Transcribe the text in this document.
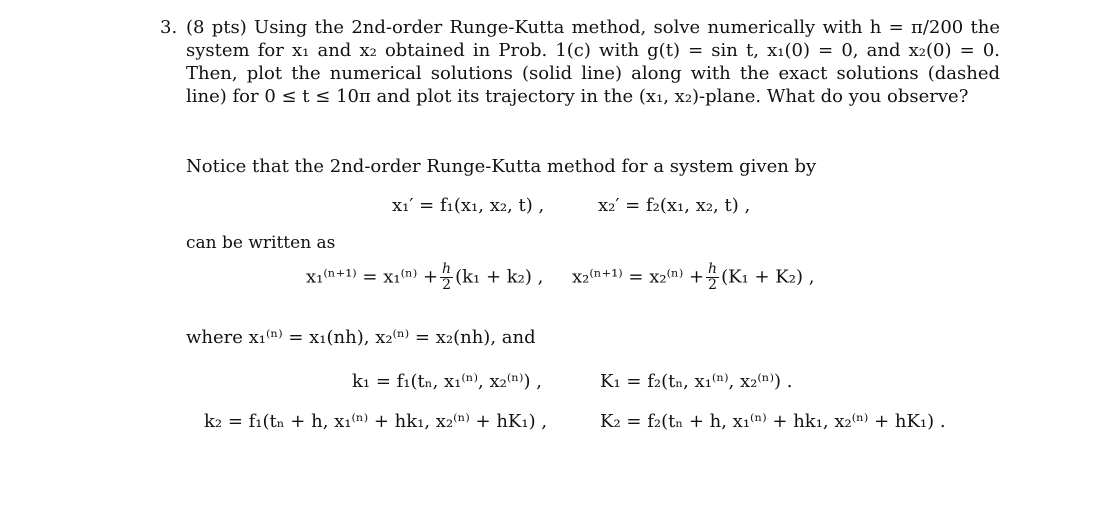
3. (8 pts) Using the 2nd-order Runge-Kutta method, solve numerically with h = π/200 the system for x₁ and x₂ obtained in Prob. 1(c) with g(t) = sin t, x₁(0) = 0, and x₂(0) = 0. Then, plot the numerical solutions (solid line) along with the exact solutions (dashed line) for 0 ≤ t ≤ 10π and plot its trajectory in the (x₁, x₂)-plane. What do you observe?
Notice that the 2nd-order Runge-Kutta method for a system given by
x₁′ = f₁(x₁, x₂, t) ,	x₂′ = f₂(x₁, x₂, t) ,
can be written as
$x_1^{(n+1)} = x_1^{(n)} + \frac{h}{2} (k_1 + k_2)$ , $x_2^{(n+1)} = x_2^{(n)} + \frac{h}{2} (K_1 + K_2)$ ,
where x₁⁽ⁿ⁾ = x₁(nh), x₂⁽ⁿ⁾ = x₂(nh), and
k₁ = f₁(tₙ, x₁⁽ⁿ⁾, x₂⁽ⁿ⁾) ,	K₁ = f₂(tₙ, x₁⁽ⁿ⁾, x₂⁽ⁿ⁾) .
k₂ = f₁(tₙ + h, x₁⁽ⁿ⁾ + hk₁, x₂⁽ⁿ⁾ + hK₁) ,	K₂ = f₂(tₙ + h, x₁⁽ⁿ⁾ + hk₁, x₂⁽ⁿ⁾ + hK₁) .
